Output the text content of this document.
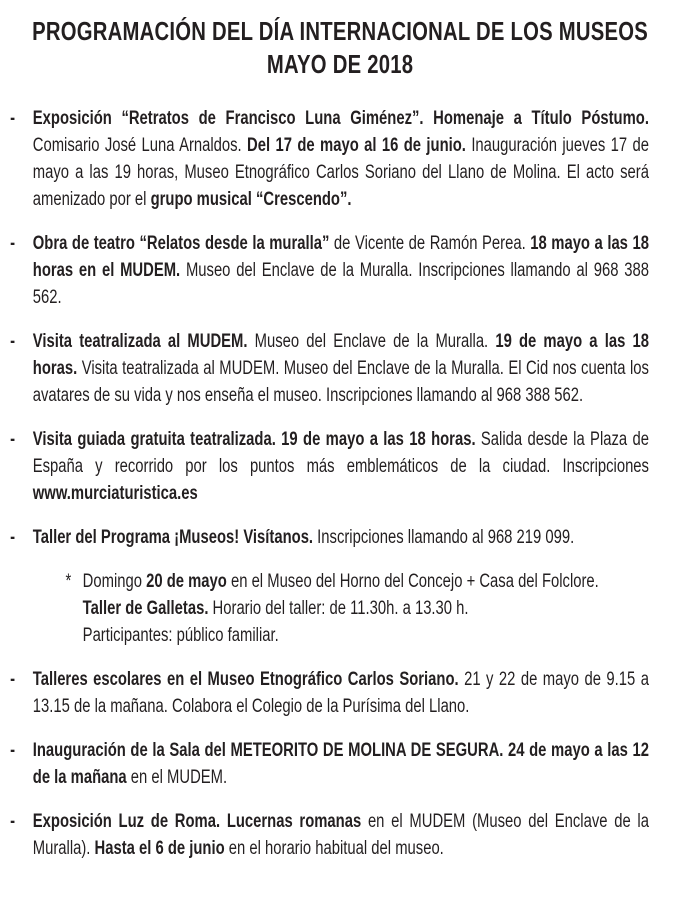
PROGRAMACIÓN DEL DÍA INTERNACIONAL DE LOS MUSEOS
MAYO DE 2018
- Exposición “Retratos de Francisco Luna Giménez”. Homenaje a Título Póstumo. Comisario José Luna Arnaldos. Del 17 de mayo al 16 de junio. Inauguración jueves 17 de mayo a las 19 horas, Museo Etnográfico Carlos Soriano del Llano de Molina. El acto será amenizado por el grupo musical “Crescendo”.

- Obra de teatro “Relatos desde la muralla” de Vicente de Ramón Perea. 18 mayo a las 18 horas en el MUDEM. Museo del Enclave de la Muralla. Inscripciones llamando al 968 388 562.

- Visita teatralizada al MUDEM. Museo del Enclave de la Muralla. 19 de mayo a las 18 horas. Visita teatralizada al MUDEM. Museo del Enclave de la Muralla. El Cid nos cuenta los avatares de su vida y nos enseña el museo. Inscripciones llamando al 968 388 562.

- Visita guiada gratuita teatralizada. 19 de mayo a las 18 horas. Salida desde la Plaza de España y recorrido por los puntos más emblemáticos de la ciudad. Inscripciones www.murciaturistica.es

- Taller del Programa ¡Museos! Visítanos. Inscripciones llamando al 968 219 099.

* Domingo 20 de mayo en el Museo del Horno del Concejo + Casa del Folclore.
Taller de Galletas. Horario del taller: de 11.30h. a 13.30 h.
Participantes: público familiar.

- Talleres escolares en el Museo Etnográfico Carlos Soriano. 21 y 22 de mayo de 9.15 a 13.15 de la mañana. Colabora el Colegio de la Purísima del Llano.

- Inauguración de la Sala del METEORITO DE MOLINA DE SEGURA. 24 de mayo a las 12 de la mañana en el MUDEM.

- Exposición Luz de Roma. Lucernas romanas en el MUDEM (Museo del Enclave de la Muralla). Hasta el 6 de junio en el horario habitual del museo.
